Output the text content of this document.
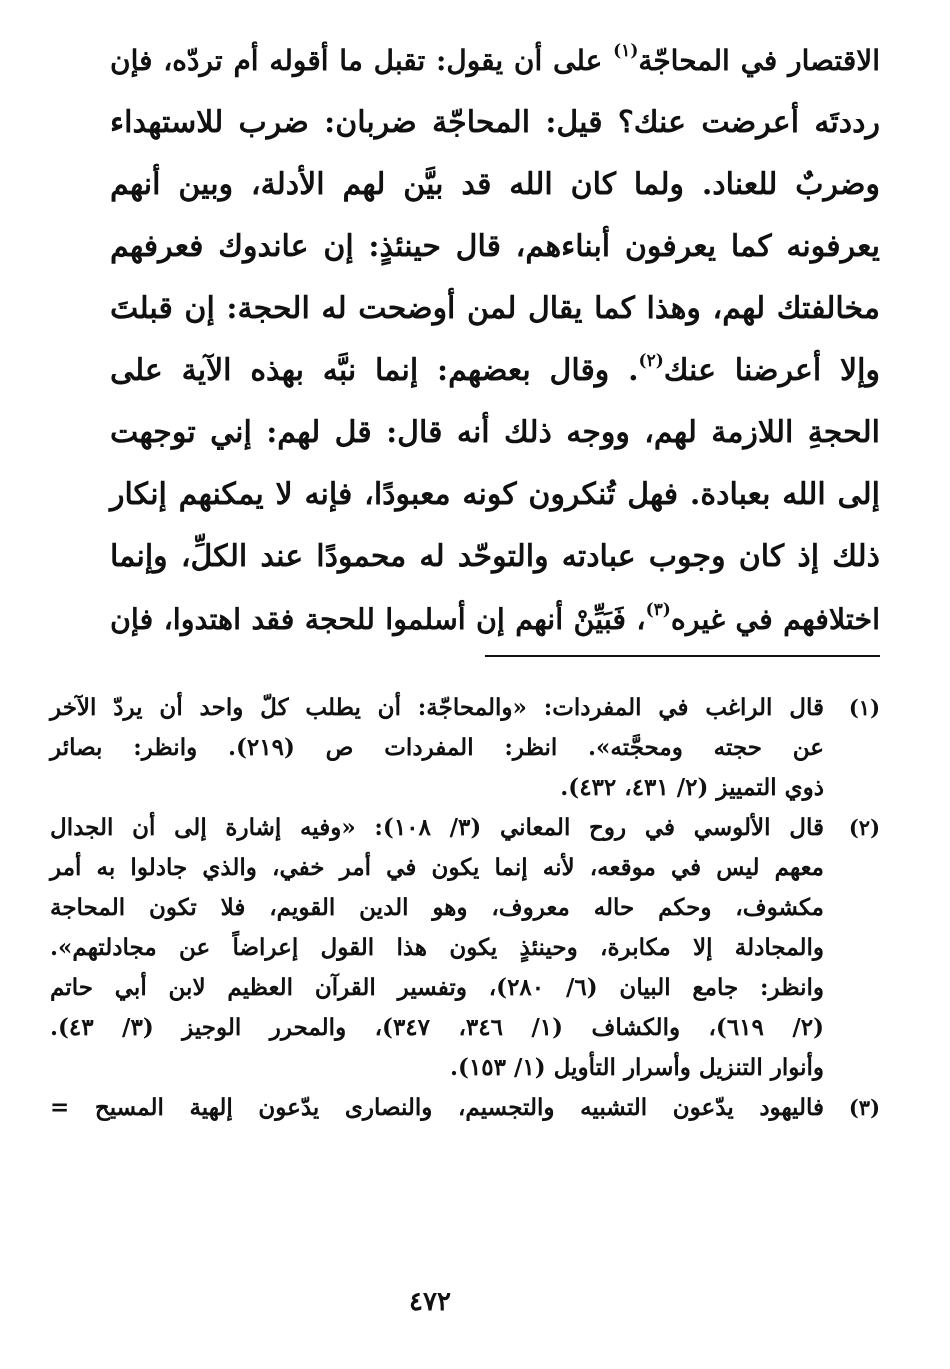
الاقتصار في المحاجّة$^{(١)}$ على أن يقول: تقبل ما أقوله أم تردّه، فإن
رددتَه أعرضت عنك؟ قيل: المحاجّة ضربان: ضرب للاستهداء
وضربٌ للعناد. ولما كان الله قد بيَّن لهم الأدلة، وبين أنهم
يعرفونه كما يعرفون أبناءهم، قال حينئذٍ: إن عاندوك فعرفهم
مخالفتك لهم، وهذا كما يقال لمن أوضحت له الحجة: إن قبلتَ
وإلا أعرضنا عنك$^{(٢)}$. وقال بعضهم: إنما نبَّه بهذه الآية على
الحجةِ اللازمة لهم، ووجه ذلك أنه قال: قل لهم: إني توجهت
إلى الله بعبادة. فهل تُنكرون كونه معبودًا، فإنه لا يمكنهم إنكار
ذلك إذ كان وجوب عبادته والتوحّد له محمودًا عند الكلِّ، وإنما
اختلافهم في غيره$^{(٣)}$، فَبَيِّنْ أنهم إن أسلموا للحجة فقد اهتدوا، فإن
(١)
قال الراغب في المفردات: «والمحاجّة: أن يطلب كلّ واحد أن يردّ الآخر
عن حجته ومحجَّته». انظر: المفردات ص (٢١٩). وانظر: بصائر
ذوي التمييز (٢/ ٤٣١، ٤٣٢).
(٢)
قال الألوسي في روح المعاني (٣/ ١٠٨): «وفيه إشارة إلى أن الجدال
معهم ليس في موقعه، لأنه إنما يكون في أمر خفي، والذي جادلوا به أمر
مكشوف، وحكم حاله معروف، وهو الدين القويم، فلا تكون المحاجة
والمجادلة إلا مكابرة، وحينئذٍ يكون هذا القول إعراضاً عن مجادلتهم».
وانظر: جامع البيان (٦/ ٢٨٠)، وتفسير القرآن العظيم لابن أبي حاتم
(٢/ ٦١٩)، والكشاف (١/ ٣٤٦، ٣٤٧)، والمحرر الوجيز (٣/ ٤٣).
وأنوار التنزيل وأسرار التأويل (١/ ١٥٣).
(٣)
فاليهود يدّعون التشبيه والتجسيم، والنصارى يدّعون إلهية المسيح =
٤٧٢
